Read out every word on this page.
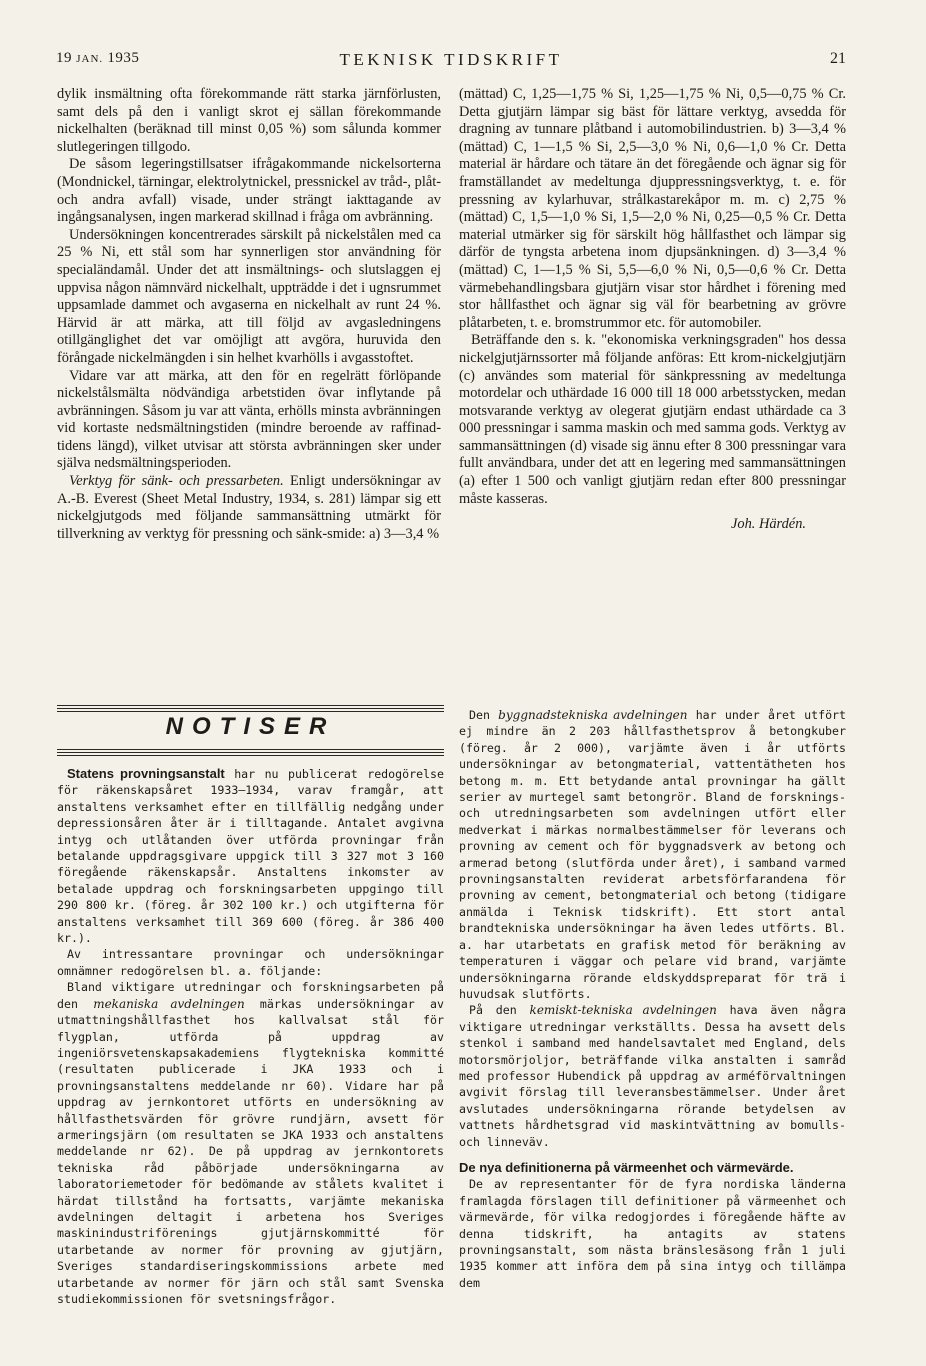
19 JAN. 1935	TEKNISK TIDSKRIFT	21

dylik insmältning ofta förekommande rätt starka järnförlusten, samt dels på den i vanligt skrot ej sällan förekommande nickelhalten (beräknad till minst 0,05 %) som sålunda kommer slutlegeringen tillgodo.

De såsom legeringstillsatser ifrågakommande nickelsorterna (Mondnickel, tärningar, elektrolytnickel, pressnickel av tråd-, plåt- och andra avfall) visade, under strängt iakttagande av ingångsanalysen, ingen markerad skillnad i fråga om avbränning.

Undersökningen koncentrerades särskilt på nickelstålen med ca 25 % Ni, ett stål som har synnerligen stor användning för specialändamål. Under det att insmältnings- och slutslaggen ej uppvisa någon nämnvärd nickelhalt, uppträdde i det i ugnsrummet uppsamlade dammet och avgaserna en nickelhalt av runt 24 %. Härvid är att märka, att till följd av avgasledningens otillgänglighet det var omöjligt att avgöra, huruvida den förångade nickelmängden i sin helhet kvarhölls i avgasstoftet.

Vidare var att märka, att den för en regelrätt förlöpande nickelstålsmälta nödvändiga arbetstiden övar inflytande på avbränningen. Såsom ju var att vänta, erhölls minsta avbränningen vid kortaste nedsmältningstiden (mindre beroende av raffinad-tidens längd), vilket utvisar att största avbränningen sker under själva nedsmältningsperioden.

Verktyg för sänk- och pressarbeten. Enligt undersökningar av A.-B. Everest (Sheet Metal Industry, 1934, s. 281) lämpar sig ett nickelgjutgods med följande sammansättning utmärkt för tillverkning av verktyg för pressning och sänk-smide: a) 3—3,4 %

(mättad) C, 1,25—1,75 % Si, 1,25—1,75 % Ni, 0,5—0,75 % Cr. Detta gjutjärn lämpar sig bäst för lättare verktyg, avsedda för dragning av tunnare plåtband i automobilindustrien. b) 3—3,4 % (mättad) C, 1—1,5 % Si, 2,5—3,0 % Ni, 0,6—1,0 % Cr. Detta material är hårdare och tätare än det föregående och ägnar sig för framställandet av medeltunga djuppressningsverktyg, t. e. för pressning av kylarhuvar, strålkastarekåpor m. m. c) 2,75 % (mättad) C, 1,5—1,0 % Si, 1,5—2,0 % Ni, 0,25—0,5 % Cr. Detta material utmärker sig för särskilt hög hållfasthet och lämpar sig därför de tyngsta arbetena inom djupsänkningen. d) 3—3,4 % (mättad) C, 1—1,5 % Si, 5,5—6,0 % Ni, 0,5—0,6 % Cr. Detta värmebehandlingsbara gjutjärn visar stor hårdhet i förening med stor hållfasthet och ägnar sig väl för bearbetning av grövre plåtarbeten, t. e. bromstrummor etc. för automobiler.

Beträffande den s. k. "ekonomiska verkningsgraden" hos dessa nickelgjutjärnssorter må följande anföras: Ett krom-nickelgjutjärn (c) användes som material för sänkpressning av medeltunga motordelar och uthärdade 16 000 till 18 000 arbetsstycken, medan motsvarande verktyg av olegerat gjutjärn endast uthärdade ca 3 000 pressningar i samma maskin och med samma gods. Verktyg av sammansättningen (d) visade sig ännu efter 8 300 pressningar vara fullt användbara, under det att en legering med sammansättningen (a) efter 1 500 och vanligt gjutjärn redan efter 800 pressningar måste kasseras.

Joh. Härdén.

NOTISER

Statens provningsanstalt har nu publicerat redogörelse för räkenskapsåret 1933—1934, varav framgår, att anstaltens verksamhet efter en tillfällig nedgång under depressionsåren åter är i tilltagande. Antalet avgivna intyg och utlåtanden över utförda provningar från betalande uppdragsgivare uppgick till 3 327 mot 3 160 föregående räkenskapsår. Anstaltens inkomster av betalade uppdrag och forskningsarbeten uppgingo till 290 800 kr. (föreg. år 302 100 kr.) och utgifterna för anstaltens verksamhet till 369 600 (föreg. år 386 400 kr.).

Av intressantare provningar och undersökningar omnämner redogörelsen bl. a. följande:

Bland viktigare utredningar och forskningsarbeten på den mekaniska avdelningen märkas undersökningar av utmattningshållfasthet hos kallvalsat stål för flygplan, utförda på uppdrag av ingeniörsvetenskapsakademiens flygtekniska kommitté (resultaten publicerade i JKA 1933 och i provningsanstaltens meddelande nr 60). Vidare har på uppdrag av jernkontoret utförts en undersökning av hållfasthetsvärden för grövre rundjärn, avsett för armeringsjärn (om resultaten se JKA 1933 och anstaltens meddelande nr 62). De på uppdrag av jernkontorets tekniska råd påbörjade undersökningarna av laboratoriemetoder för bedömande av stålets kvalitet i härdat tillstånd ha fortsatts, varjämte mekaniska avdelningen deltagit i arbetena hos Sveriges maskinindustriförenings gjutjärnskommitté för utarbetande av normer för provning av gjutjärn, Sveriges standardiseringskommissions arbete med utarbetande av normer för järn och stål samt Svenska studiekommissionen för svetsningsfrågor.

Den byggnadstekniska avdelningen har under året utfört ej mindre än 2 203 hållfasthetsprov å betongkuber (föreg. år 2 000), varjämte även i år utförts undersökningar av betongmaterial, vattentätheten hos betong m. m. Ett betydande antal provningar ha gällt serier av murtegel samt betongrör. Bland de forsknings- och utredningsarbeten som avdelningen utfört eller medverkat i märkas normalbestämmelser för leverans och provning av cement och för byggnadsverk av betong och armerad betong (slutförda under året), i samband varmed provningsanstalten reviderat arbetsförfarandena för provning av cement, betongmaterial och betong (tidigare anmälda i Teknisk tidskrift). Ett stort antal brandtekniska undersökningar ha även ledes utförts. Bl. a. har utarbetats en grafisk metod för beräkning av temperaturen i väggar och pelare vid brand, varjämte undersökningarna rörande eldskyddspreparat för trä i huvudsak slutförts.

På den kemiskt-tekniska avdelningen hava även några viktigare utredningar verkställts. Dessa ha avsett dels stenkol i samband med handelsavtalet med England, dels motorsmörjoljor, beträffande vilka anstalten i samråd med professor Hubendick på uppdrag av arméförvaltningen avgivit förslag till leveransbestämmelser. Under året avslutades undersökningarna rörande betydelsen av vattnets hårdhetsgrad vid maskintvättning av bomulls- och linneväv.

De nya definitionerna på värmeenhet och värmevärde.

De av representanter för de fyra nordiska länderna framlagda förslagen till definitioner på värmeenhet och värmevärde, för vilka redogjordes i föregående häfte av denna tidskrift, ha antagits av statens provningsanstalt, som nästa bränslesäsong från 1 juli 1935 kommer att införa dem på sina intyg och tillämpa dem
